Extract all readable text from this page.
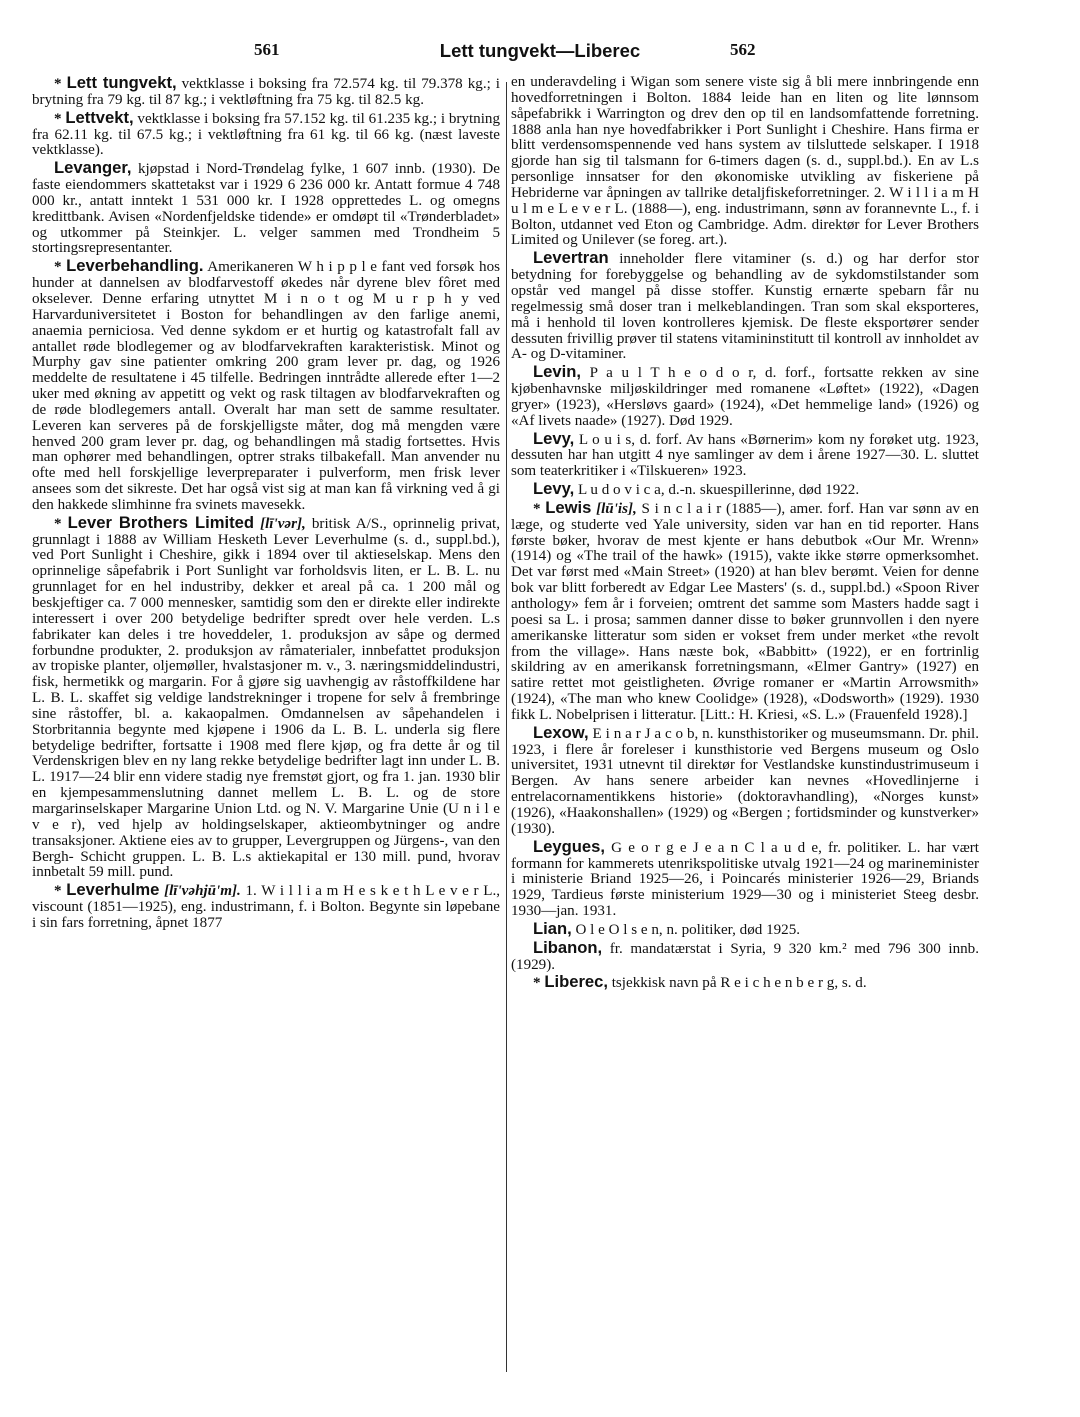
561	Lett tungvekt—Liberec	562

* Lett tungvekt, vektklasse i boksing fra 72.574 kg. til 79.378 kg.; i brytning fra 79 kg. til 87 kg.; i vektløftning fra 75 kg. til 82.5 kg.

* Lettvekt, vektklasse i boksing fra 57.152 kg. til 61.235 kg.; i brytning fra 62.11 kg. til 67.5 kg.; i vektløftning fra 61 kg. til 66 kg. (næst laveste vektklasse).

Levanger, kjøpstad i Nord-Trøndelag fylke, 1 607 innb. (1930). De faste eiendommers skattetakst var i 1929 6 236 000 kr. Antatt formue 4 748 000 kr., antatt inntekt 1 531 000 kr. I 1928 opprettedes L. og omegns kredittbank. Avisen «Nordenfjeldske tidende» er omdøpt til «Trønderbladet» og utkommer på Steinkjer. L. velger sammen med Trondheim 5 stortingsrepresentanter.

* Leverbehandling. Amerikaneren W h i p p l e fant ved forsøk hos hunder at dannelsen av blodfarvestoff økedes når dyrene blev fôret med okselever. Denne erfaring utnyttet M i n o t og M u r p h y ved Harvarduniversitetet i Boston for behandlingen av den farlige anemi, anaemia perniciosa. Ved denne sykdom er et hurtig og katastrofalt fall av antallet røde blodlegemer og av blodfarvekraften karakteristisk. Minot og Murphy gav sine patienter omkring 200 gram lever pr. dag, og 1926 meddelte de resultatene i 45 tilfelle. Bedringen inntrådte allerede efter 1—2 uker med økning av appetitt og vekt og rask tiltagen av blodfarvekraften og de røde blodlegemers antall. Overalt har man sett de samme resultater. Leveren kan serveres på de forskjelligste måter, dog må mengden være henved 200 gram lever pr. dag, og behandlingen må stadig fortsettes. Hvis man ophører med behandlingen, optrer straks tilbakefall. Man anvender nu ofte med hell forskjellige leverpreparater i pulverform, men frisk lever ansees som det sikreste. Det har også vist sig at man kan få virkning ved å gi den hakkede slimhinne fra svinets mavesekk.

* Lever Brothers Limited [lī'vər], britisk A/S., oprinnelig privat, grunnlagt i 1888 av William Hesketh Lever Leverhulme (s. d., suppl.bd.), ved Port Sunlight i Cheshire, gikk i 1894 over til aktieselskap. Mens den oprinnelige såpefabrik i Port Sunlight var forholdsvis liten, er L. B. L. nu grunnlaget for en hel industriby, dekker et areal på ca. 1 200 mål og beskjeftiger ca. 7 000 mennesker, samtidig som den er direkte eller indirekte interessert i over 200 betydelige bedrifter spredt over hele verden. L.s fabrikater kan deles i tre hoveddeler, 1. produksjon av såpe og dermed forbundne produkter, 2. produksjon av råmaterialer, innbefattet produksjon av tropiske planter, oljemøller, hvalstasjoner m. v., 3. næringsmiddelindustri, fisk, hermetikk og margarin. For å gjøre sig uavhengig av råstoffkildene har L. B. L. skaffet sig veldige landstrekninger i tropene for selv å frembringe sine råstoffer, bl. a. kakaopalmen. Omdannelsen av såpehandelen i Storbritannia begynte med kjøpene i 1906 da L. B. L. underla sig flere betydelige bedrifter, fortsatte i 1908 med flere kjøp, og fra dette år og til Verdenskrigen blev en ny lang rekke betydelige bedrifter lagt inn under L. B. L. 1917—24 blir enn videre stadig nye fremstøt gjort, og fra 1. jan. 1930 blir en kjempesammenslutning dannet mellem L. B. L. og de store margarinselskaper Margarine Union Ltd. og N. V. Margarine Unie (U n i l e v e r), ved hjelp av holdingselskaper, aktieombytninger og andre transaksjoner. Aktiene eies av to grupper, Levergruppen og Jürgens-, van den Bergh- Schicht gruppen. L. B. L.s aktiekapital er 130 mill. pund, hvorav innbetalt 59 mill. pund.

* Leverhulme [lī'vəhjū'm]. 1. W i l l i a m H e s k e t h L e v e r L., viscount (1851—1925), eng. industrimann, f. i Bolton. Begynte sin løpebane i sin fars forretning, åpnet 1877

en underavdeling i Wigan som senere viste sig å bli mere innbringende enn hovedforretningen i Bolton. 1884 leide han en liten og lite lønnsom såpefabrikk i Warrington og drev den op til en landsomfattende forretning. 1888 anla han nye hovedfabrikker i Port Sunlight i Cheshire. Hans firma er blitt verdensomspennende ved hans system av tilsluttede selskaper. I 1918 gjorde han sig til talsmann for 6-timers dagen (s. d., suppl.bd.). En av L.s personlige innsatser for den økonomiske utvikling av fiskeriene på Hebriderne var åpningen av tallrike detaljfiskeforretninger. 2. W i l l i a m H u l m e L e v e r L. (1888—), eng. industrimann, sønn av forannevnte L., f. i Bolton, utdannet ved Eton og Cambridge. Adm. direktør for Lever Brothers Limited og Unilever (se foreg. art.).

Levertran inneholder flere vitaminer (s. d.) og har derfor stor betydning for forebyggelse og behandling av de sykdomstilstander som opstår ved mangel på disse stoffer. Kunstig ernærte spebarn får nu regelmessig små doser tran i melkeblandingen. Tran som skal eksporteres, må i henhold til loven kontrolleres kjemisk. De fleste eksportører sender dessuten frivillig prøver til statens vitamininstitutt til kontroll av innholdet av A- og D-vitaminer.

Levin, P a u l T h e o d o r, d. forf., fortsatte rekken av sine kjøbenhavnske miljøskildringer med romanene «Løftet» (1922), «Dagen gryer» (1923), «Hersløvs gaard» (1924), «Det hemmelige land» (1926) og «Af livets naade» (1927). Død 1929.

Levy, L o u i s, d. forf. Av hans «Børnerim» kom ny forøket utg. 1923, dessuten har han utgitt 4 nye samlinger av dem i årene 1927—30. L. sluttet som teaterkritiker i «Tilskueren» 1923.

Levy, L u d o v i c a, d.-n. skuespillerinne, død 1922.

* Lewis [lū'is], S i n c l a i r (1885—), amer. forf. Han var sønn av en læge, og studerte ved Yale university, siden var han en tid reporter. Hans første bøker, hvorav de mest kjente er hans debutbok «Our Mr. Wrenn» (1914) og «The trail of the hawk» (1915), vakte ikke større opmerksomhet. Det var først med «Main Street» (1920) at han blev berømt. Veien for denne bok var blitt forberedt av Edgar Lee Masters' (s. d., suppl.bd.) «Spoon River anthology» fem år i forveien; omtrent det samme som Masters hadde sagt i poesi sa L. i prosa; sammen danner disse to bøker grunnvollen i den nyere amerikanske litteratur som siden er vokset frem under merket «the revolt from the village». Hans næste bok, «Babbitt» (1922), er en fortrinlig skildring av en amerikansk forretningsmann, «Elmer Gantry» (1927) en satire rettet mot geistligheten. Øvrige romaner er «Martin Arrowsmith» (1924), «The man who knew Coolidge» (1928), «Dodsworth» (1929). 1930 fikk L. Nobelprisen i litteratur. [Litt.: H. Kriesi, «S. L.» (Frauenfeld 1928).]

Lexow, E i n a r J a c o b, n. kunsthistoriker og museumsmann. Dr. phil. 1923, i flere år foreleser i kunsthistorie ved Bergens museum og Oslo universitet, 1931 utnevnt til direktør for Vestlandske kunstindustrimuseum i Bergen. Av hans senere arbeider kan nevnes «Hovedlinjerne i entrelacornamentikkens historie» (doktoravhandling), «Norges kunst» (1926), «Haakonshallen» (1929) og «Bergen ; fortidsminder og kunstverker» (1930).

Leygues, G e o r g e J e a n C l a u d e, fr. politiker. L. har vært formann for kammerets utenrikspolitiske utvalg 1921—24 og marineminister i ministerie Briand 1925—26, i Poincarés ministerier 1926—29, Briands 1929, Tardieus første ministerium 1929—30 og i ministeriet Steeg desbr. 1930—jan. 1931.

Lian, O l e O l s e n, n. politiker, død 1925.

Libanon, fr. mandatærstat i Syria, 9 320 km.² med 796 300 innb. (1929).

* Liberec, tsjekkisk navn på R e i c h e n b e r g, s. d.
